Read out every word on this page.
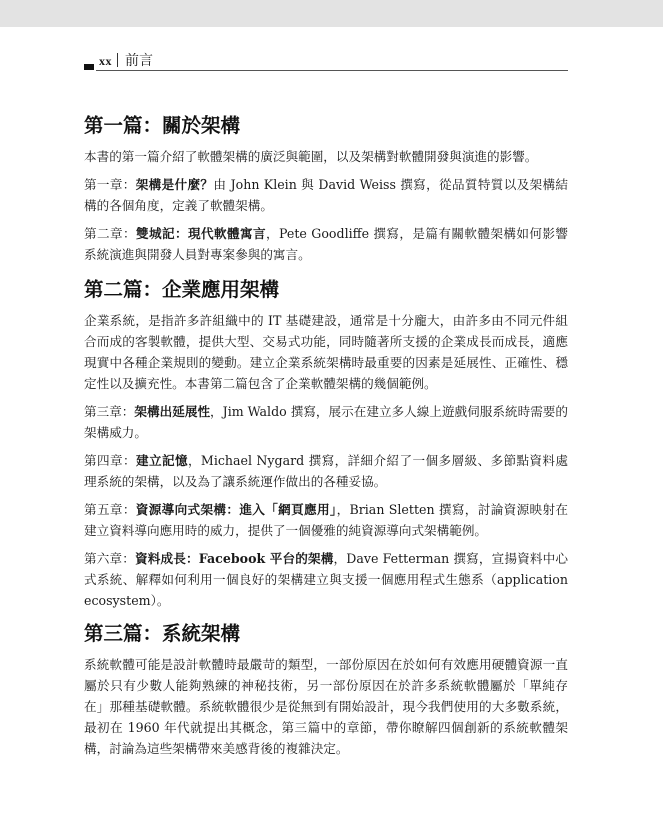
xx 前言
第一篇：關於架構

本書的第一篇介紹了軟體架構的廣泛與範圍，以及架構對軟體開發與演進的影響。

第一章：架構是什麼？由 John Klein 與 David Weiss 撰寫，從品質特質以及架構結構的各個角度，定義了軟體架構。

第二章：雙城記：現代軟體寓言，Pete Goodliffe 撰寫，是篇有關軟體架構如何影響系統演進與開發人員對專案參與的寓言。

第二篇：企業應用架構

企業系統，是指許多許組織中的 IT 基礎建設，通常是十分龐大，由許多由不同元件組合而成的客製軟體，提供大型、交易式功能，同時隨著所支援的企業成長而成長，適應現實中各種企業規則的變動。建立企業系統架構時最重要的因素是延展性、正確性、穩定性以及擴充性。本書第二篇包含了企業軟體架構的幾個範例。

第三章：架構出延展性，Jim Waldo 撰寫，展示在建立多人線上遊戲伺服系統時需要的架構威力。

第四章：建立記憶，Michael Nygard 撰寫，詳細介紹了一個多層級、多節點資料處理系統的架構，以及為了讓系統運作做出的各種妥協。

第五章：資源導向式架構：進入「網頁應用」，Brian Sletten 撰寫，討論資源映射在建立資料導向應用時的威力，提供了一個優雅的純資源導向式架構範例。

第六章：資料成長：Facebook 平台的架構，Dave Fetterman 撰寫，宣揚資料中心式系統、解釋如何利用一個良好的架構建立與支援一個應用程式生態系（application ecosystem）。

第三篇：系統架構

系統軟體可能是設計軟體時最嚴苛的類型，一部份原因在於如何有效應用硬體資源一直屬於只有少數人能夠熟練的神秘技術，另一部份原因在於許多系統軟體屬於「單純存在」那種基礎軟體。系統軟體很少是從無到有開始設計，現今我們使用的大多數系統，最初在 1960 年代就提出其概念，第三篇中的章節，帶你瞭解四個創新的系統軟體架構，討論為這些架構帶來美感背後的複雜決定。
